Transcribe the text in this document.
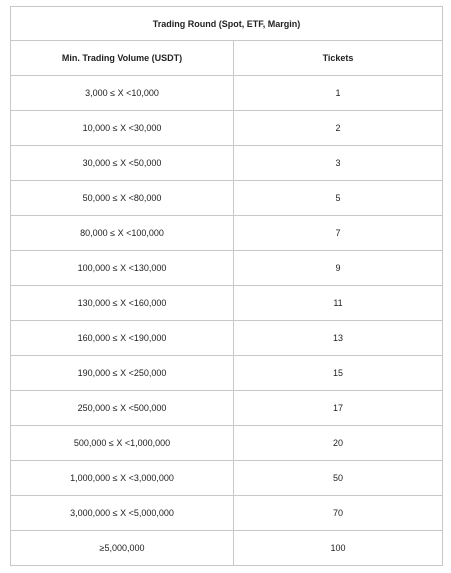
Trading Round (Spot, ETF, Margin)	
Min. Trading Volume (USDT)	Tickets
3,000 ≤ X <10,000	1
10,000 ≤ X <30,000	2
30,000 ≤ X <50,000	3
50,000 ≤ X <80,000	5
80,000 ≤ X <100,000	7
100,000 ≤ X <130,000	9
130,000 ≤ X <160,000	11
160,000 ≤ X <190,000	13
190,000 ≤ X <250,000	15
250,000 ≤ X <500,000	17
500,000 ≤ X <1,000,000	20
1,000,000 ≤ X <3,000,000	50
3,000,000 ≤ X <5,000,000	70
≥5,000,000	100
